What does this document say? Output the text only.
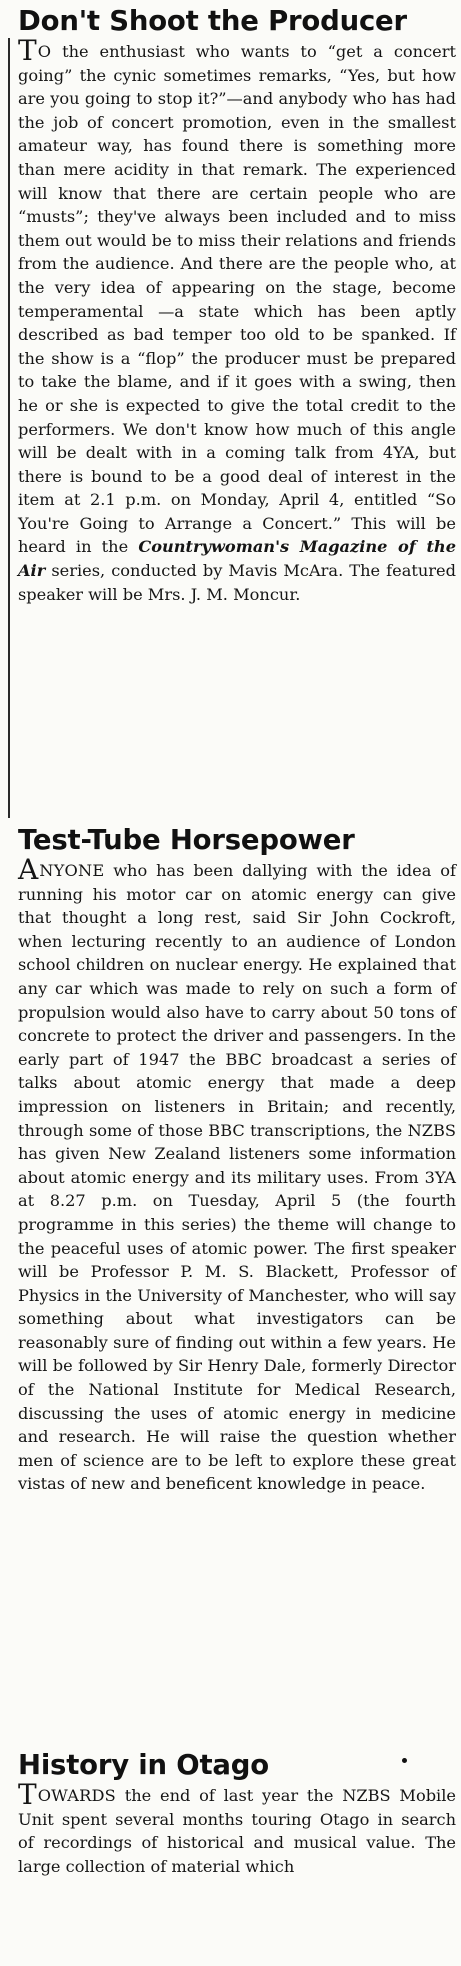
Don't Shoot the Producer

TO the enthusiast who wants to “get a concert going” the cynic sometimes remarks, “Yes, but how are you going to stop it?”—and anybody who has had the job of concert promotion, even in the smallest amateur way, has found there is something more than mere acidity in that remark. The experienced will know that there are certain people who are “musts”; they've always been included and to miss them out would be to miss their relations and friends from the audience. And there are the people who, at the very idea of appearing on the stage, become temperamental —a state which has been aptly described as bad temper too old to be spanked. If the show is a “flop” the producer must be prepared to take the blame, and if it goes with a swing, then he or she is expected to give the total credit to the performers. We don't know how much of this angle will be dealt with in a coming talk from 4YA, but there is bound to be a good deal of interest in the item at 2.1 p.m. on Monday, April 4, entitled “So You're Going to Arrange a Concert.” This will be heard in the Countrywoman's Magazine of the Air series, conducted by Mavis McAra. The featured speaker will be Mrs. J. M. Moncur.

Test-Tube Horsepower

ANYONE who has been dallying with the idea of running his motor car on atomic energy can give that thought a long rest, said Sir John Cockroft, when lecturing recently to an audience of London school children on nuclear energy. He explained that any car which was made to rely on such a form of propulsion would also have to carry about 50 tons of concrete to protect the driver and passengers. In the early part of 1947 the BBC broadcast a series of talks about atomic energy that made a deep impression on listeners in Britain; and recently, through some of those BBC transcriptions, the NZBS has given New Zealand listeners some information about atomic energy and its military uses. From 3YA at 8.27 p.m. on Tuesday, April 5 (the fourth programme in this series) the theme will change to the peaceful uses of atomic power. The first speaker will be Professor P. M. S. Blackett, Professor of Physics in the University of Manchester, who will say something about what investigators can be reasonably sure of finding out within a few years. He will be followed by Sir Henry Dale, formerly Director of the National Institute for Medical Research, discussing the uses of atomic energy in medicine and research. He will raise the question whether men of science are to be left to explore these great vistas of new and beneficent knowledge in peace.

History in Otago

TOWARDS the end of last year the NZBS Mobile Unit spent several months touring Otago in search of recordings of historical and musical value. The large collection of material which
